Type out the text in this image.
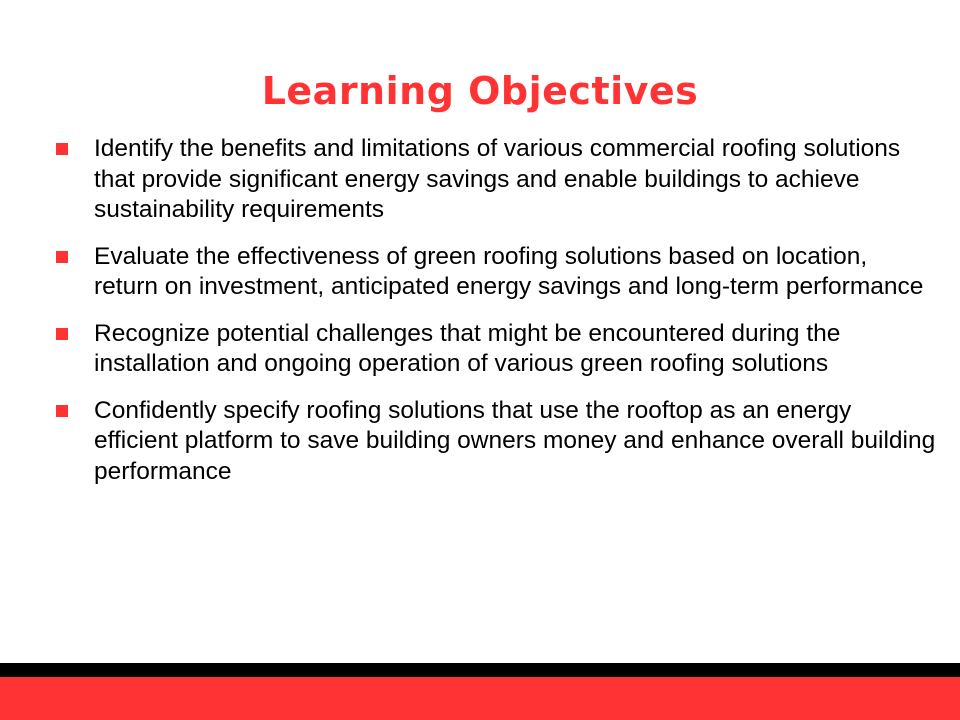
Learning Objectives
Identify the benefits and limitations of various commercial roofing solutions that provide significant energy savings and enable buildings to achieve sustainability requirements
Evaluate the effectiveness of green roofing solutions based on location, return on investment, anticipated energy savings and long-term performance
Recognize potential challenges that might be encountered during the installation and ongoing operation of various green roofing solutions
Confidently specify roofing solutions that use the rooftop as an energy efficient platform to save building owners money and enhance overall building performance
